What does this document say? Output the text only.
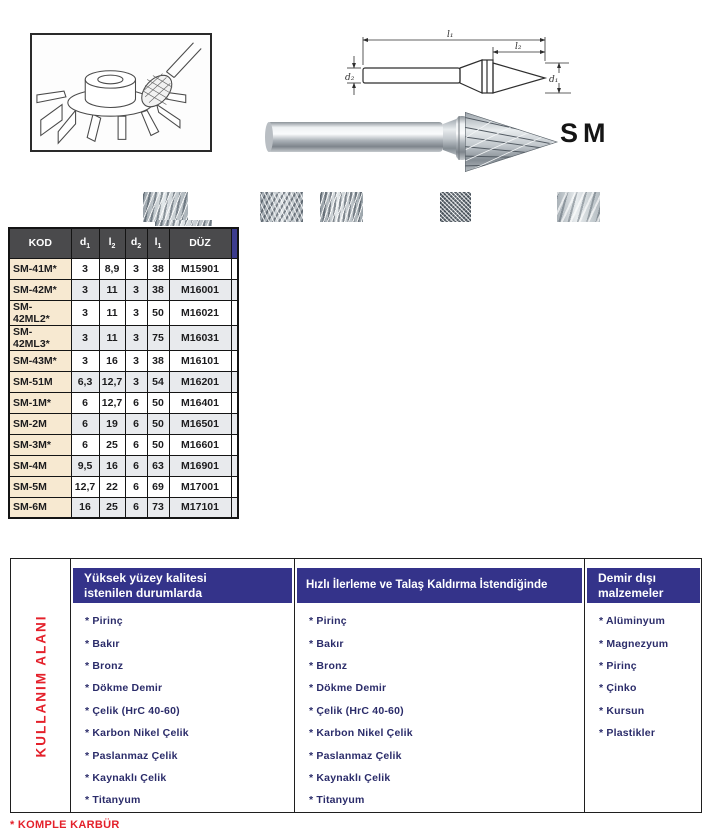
l₁
l₂
d₂	d₁
SM
KOD	$d_1$	$l_2$	$d_2$	$l_1$	DÜZ	
SM-41M*	3	8,9	3	38	M15901	
SM-42M*	3	11	3	38	M16001	
SM-42ML2*	3	11	3	50	M16021	
SM-42ML3*	3	11	3	75	M16031	
SM-43M*	3	16	3	38	M16101	
SM-51M	6,3	12,7	3	54	M16201	
SM-1M*	6	12,7	6	50	M16401	
SM-2M	6	19	6	50	M16501	
SM-3M*	6	25	6	50	M16601	
SM-4M	9,5	16	6	63	M16901	
SM-5M	12,7	22	6	69	M17001	
SM-6M	16	25	6	73	M17101	
KULLANIM ALANI
Yüksek yüzey kalitesi istenilen durumlarda
* Pirinç
* Bakır
* Bronz
* Dökme Demir
* Çelik (HrC 40-60)
* Karbon Nikel Çelik
* Paslanmaz Çelik
* Kaynaklı Çelik
* Titanyum
Hızlı İlerleme ve Talaş Kaldırma İstendiğinde
* Pirinç
* Bakır
* Bronz
* Dökme Demir
* Çelik (HrC 40-60)
* Karbon Nikel Çelik
* Paslanmaz Çelik
* Kaynaklı Çelik
* Titanyum
Demir dışı malzemeler
* Alüminyum
* Magnezyum
* Pirinç
* Çinko
* Kursun
* Plastikler
* KOMPLE KARBÜR
